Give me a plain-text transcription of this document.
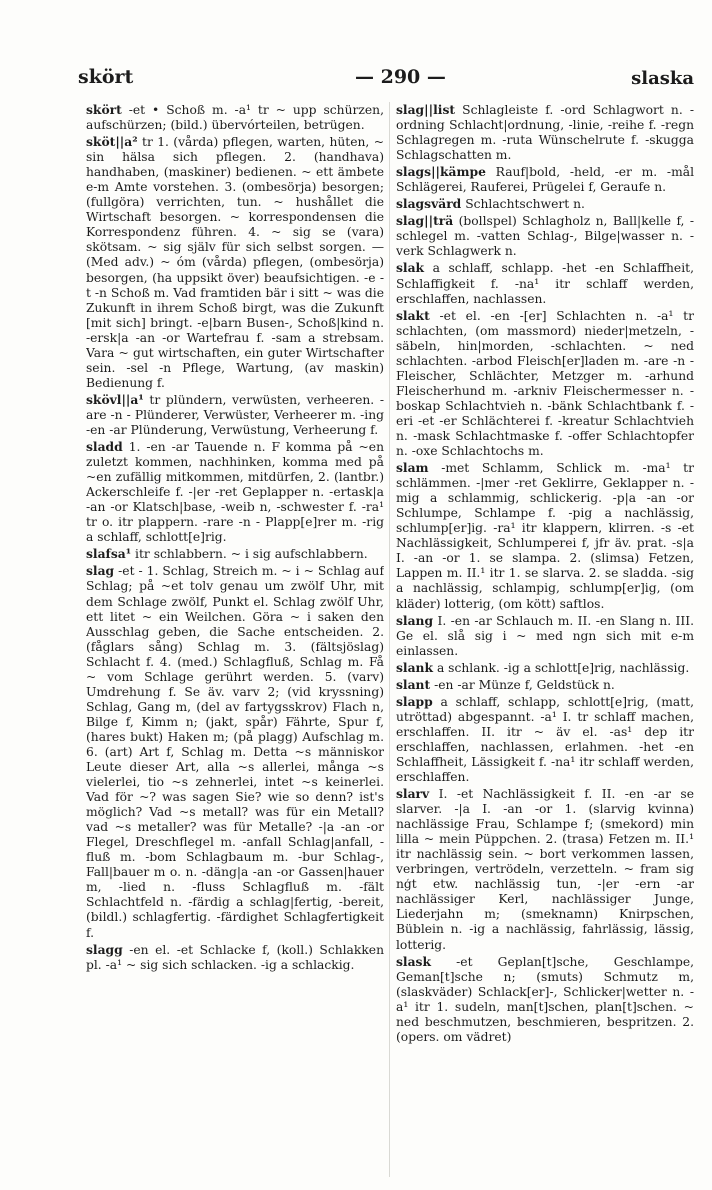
skört	— 290 —	slaska

skört -et • Schoß m. -a¹ tr ~ upp schürzen, aufschürzen; (bild.) übervórteilen, betrügen.

sköt||a² tr 1. (vårda) pflegen, warten, hüten, ~ sin hälsa sich pflegen. 2. (handhava) handhaben, (maskiner) bedienen. ~ ett ämbete e-m Amte vorstehen. 3. (ombesörja) besorgen; (fullgöra) verrichten, tun. ~ hushållet die Wirtschaft besorgen. ~ korrespondensen die Korrespondenz führen. 4. ~ sig se (vara) skötsam. ~ sig själv für sich selbst sorgen. — (Med adv.) ~ óm (vårda) pflegen, (ombesörja) besorgen, (ha uppsikt över) beaufsichtigen. -e -t -n Schoß m. Vad framtiden bär i sitt ~ was die Zukunft in ihrem Schoß birgt, was die Zukunft [mit sich] bringt. -e|barn Busen-, Schoß|kind n. -ersk|a -an -or Wartefrau f. -sam a strebsam. Vara ~ gut wirtschaften, ein guter Wirtschafter sein. -sel -n Pflege, Wartung, (av maskin) Bedienung f.

skövl||a¹ tr plündern, verwüsten, verheeren. -are -n - Plünderer, Verwüster, Verheerer m. -ing -en -ar Plünderung, Verwüstung, Verheerung f.

sladd 1. -en -ar Tauende n. F komma på ~en zuletzt kommen, nachhinken, komma med på ~en zufällig mitkommen, mitdürfen, 2. (lantbr.) Ackerschleife f. -|er -ret Geplapper n. -ertask|a -an -or Klatsch|base, -weib n, -schwester f. -ra¹ tr o. itr plappern. -rare -n - Plapp[e]rer m. -rig a schlaff, schlott[e]rig.

slafsa¹ itr schlabbern. ~ i sig aufschlabbern.

slag -et - 1. Schlag, Streich m. ~ i ~ Schlag auf Schlag; på ~et tolv genau um zwölf Uhr, mit dem Schlage zwölf, Punkt el. Schlag zwölf Uhr, ett litet ~ ein Weilchen. Göra ~ i saken den Ausschlag geben, die Sache entscheiden. 2. (fåglars sång) Schlag m. 3. (fältsjöslag) Schlacht f. 4. (med.) Schlagfluß, Schlag m. Få ~ vom Schlage gerührt werden. 5. (varv) Umdrehung f. Se äv. varv 2; (vid kryssning) Schlag, Gang m, (del av fartygsskrov) Flach n, Bilge f, Kimm n; (jakt, spår) Fährte, Spur f, (hares bukt) Haken m; (på plagg) Aufschlag m. 6. (art) Art f, Schlag m. Detta ~s människor Leute dieser Art, alla ~s allerlei, många ~s vielerlei, tio ~s zehnerlei, intet ~s keinerlei. Vad för ~? was sagen Sie? wie so denn? ist's möglich? Vad ~s metall? was für ein Metall? vad ~s metaller? was für Metalle? -|a -an -or Flegel, Dreschflegel m. -anfall Schlag|anfall, -fluß m. -bom Schlagbaum m. -bur Schlag-, Fall|bauer m o. n. -däng|a -an -or Gassen|hauer m, -lied n. -fluss Schlagfluß m. -fält Schlachtfeld n. -färdig a schlag|fertig, -bereit, (bildl.) schlagfertig. -färdighet Schlagfertigkeit f.

slagg -en el. -et Schlacke f, (koll.) Schlakken pl. -a¹ ~ sig sich schlacken. -ig a schlackig.

slag||list Schlagleiste f. -ord Schlagwort n. -ordning Schlacht|ordnung, -linie, -reihe f. -regn Schlagregen m. -ruta Wünschelrute f. -skugga Schlagschatten m.

slags||kämpe Rauf|bold, -held, -er m. -mål Schlägerei, Rauferei, Prügelei f, Geraufe n.

slagsvärd Schlachtschwert n.

slag||trä (bollspel) Schlagholz n, Ball|kelle f, -schlegel m. -vatten Schlag-, Bilge|wasser n. -verk Schlagwerk n.

slak a schlaff, schlapp. -het -en Schlaffheit, Schlaffigkeit f. -na¹ itr schlaff werden, erschlaffen, nachlassen.

slakt -et el. -en -[er] Schlachten n. -a¹ tr schlachten, (om massmord) nieder|metzeln, -säbeln, hin|morden, -schlachten. ~ ned schlachten. -arbod Fleisch[er]laden m. -are -n - Fleischer, Schlächter, Metzger m. -arhund Fleischerhund m. -arkniv Fleischermesser n. -boskap Schlachtvieh n. -bänk Schlachtbank f. -eri -et -er Schlächterei f. -kreatur Schlachtvieh n. -mask Schlachtmaske f. -offer Schlachtopfer n. -oxe Schlachtochs m.

slam -met Schlamm, Schlick m. -ma¹ tr schlämmen. -|mer -ret Geklirre, Geklapper n. -mig a schlammig, schlickerig. -p|a -an -or Schlumpe, Schlampe f. -pig a nachlässig, schlump[er]ig. -ra¹ itr klappern, klirren. -s -et Nachlässigkeit, Schlumperei f, jfr äv. prat. -s|a I. -an -or 1. se slampa. 2. (slimsa) Fetzen, Lappen m. II.¹ itr 1. se slarva. 2. se sladda. -sig a nachlässig, schlampig, schlump[er]ig, (om kläder) lotterig, (om kött) saftlos.

slang I. -en -ar Schlauch m. II. -en Slang n. III. Ge el. slå sig i ~ med ngn sich mit e-m einlassen.

slank a schlank. -ig a schlott[e]rig, nachlässig.

slant -en -ar Münze f, Geldstück n.

slapp a schlaff, schlapp, schlott[e]rig, (matt, utröttad) abgespannt. -a¹ I. tr schlaff machen, erschlaffen. II. itr ~ äv el. -as¹ dep itr erschlaffen, nachlassen, erlahmen. -het -en Schlaffheit, Lässigkeit f. -na¹ itr schlaff werden, erschlaffen.

slarv I. -et Nachlässigkeit f. II. -en -ar se slarver. -|a I. -an -or 1. (slarvig kvinna) nachlässige Frau, Schlampe f; (smekord) min lilla ~ mein Püppchen. 2. (trasa) Fetzen m. II.¹ itr nachlässig sein. ~ bort verkommen lassen, verbringen, vertrödeln, verzetteln. ~ fram sig nģt etw. nachlässig tun, -|er -ern -ar nachlässiger Kerl, nachlässiger Junge, Liederjahn m; (smeknamn) Knirpschen, Büblein n. -ig a nachlässig, fahrlässig, lässig, lotterig.

slask -et Geplan[t]sche, Geschlampe, Geman[t]sche n; (smuts) Schmutz m, (slaskväder) Schlack[er]-, Schlicker|wetter n. -a¹ itr 1. sudeln, man[t]schen, plan[t]schen. ~ ned beschmutzen, beschmieren, bespritzen. 2. (opers. om vädret)
